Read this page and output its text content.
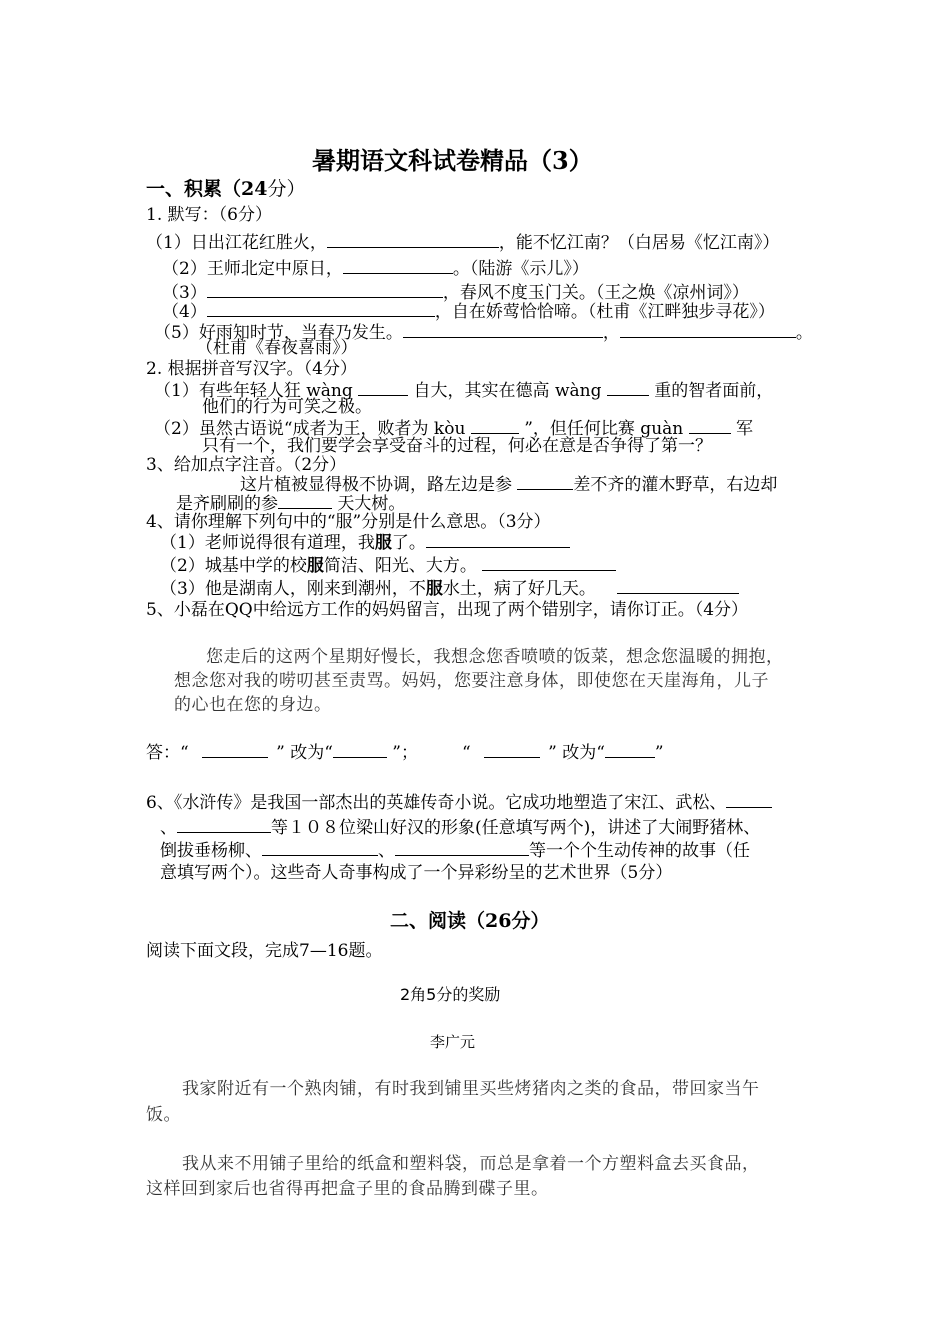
暑期语文科试卷精品（3）
一、积累（24分）
1. 默写：（6分）
（1）日出江花红胜火，	，能不忆江南？（白居易《忆江南》）
（2）王师北定中原日，	。（陆游《示儿》）
（3）	，春风不度玉门关。（王之焕《凉州词》）
（4）	，自在娇莺恰恰啼。（杜甫《江畔独步寻花》）
（5）好雨知时节，当春乃发生。	，	。
（杜甫《春夜喜雨》）
2. 根据拼音写汉字。（4分）
（1）有些年轻人狂 wàng	自大，其实在德高 wàng  重的智者面前，
他们的行为可笑之极。
（2）虽然古语说“成者为王，败者为 kòu	”，但任何比赛 guàn  军
只有一个，我们要学会享受奋斗的过程，何必在意是否争得了第一？
3、给加点字注音。（2分）
这片植被显得极不协调，路左边是参	差不齐的灌木野草，右边却
是齐刷刷的参	天大树。
4、请你理解下列句中的“服”分别是什么意思。（3分）
（1）老师说得很有道理，我服了。
（2）城基中学的校服简洁、阳光、大方。
（3）他是湖南人，刚来到潮州，不服水土，病了好几天。
5、小磊在QQ中给远方工作的妈妈留言，出现了两个错别字，请你订正。（4分）
您走后的这两个星期好慢长，我想念您香喷喷的饭菜，想念您温暖的拥抱，
想念您对我的唠叨甚至责骂。妈妈，您要注意身体，即使您在天崖海角，儿子
的心也在您的身边。
答：“	” 改为“	”；	“	” 改为“	”
6、《水浒传》是我国一部杰出的英雄传奇小说。它成功地塑造了宋江、武松、
、	等１０８位梁山好汉的形象(任意填写两个)，讲述了大闹野猪林、
倒拔垂杨柳、	、	等一个个生动传神的故事（任
意填写两个）。这些奇人奇事构成了一个异彩纷呈的艺术世界（5分）
二、阅读（26分）
阅读下面文段，完成7—16题。
2角5分的奖励
李广元
我家附近有一个熟肉铺，有时我到铺里买些烤猪肉之类的食品，带回家当午
饭。
我从来不用铺子里给的纸盒和塑料袋，而总是拿着一个方塑料盒去买食品，
这样回到家后也省得再把盒子里的食品腾到碟子里。
